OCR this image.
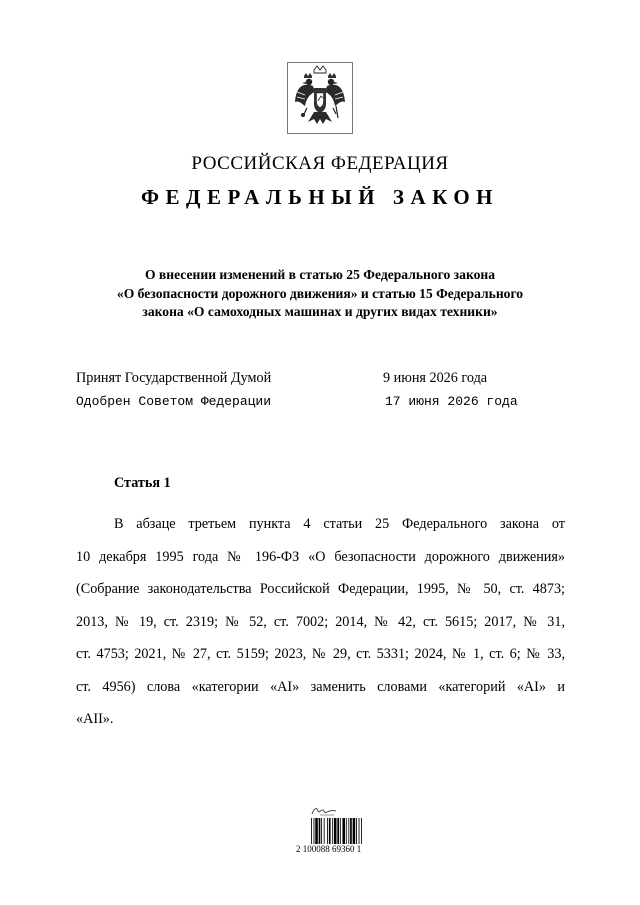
РОССИЙСКАЯ ФЕДЕРАЦИЯ
ФЕДЕРАЛЬНЫЙ ЗАКОН
О внесении изменений в статью 25 Федерального закона
«О безопасности дорожного движения» и статью 15 Федерального
закона «О самоходных машинах и других видах техники»
Принят Государственной Думой	9 июня 2026 года
Одобрен Советом Федерации	17 июня 2026 года
Статья 1
В абзаце третьем пункта 4 статьи 25 Федерального закона от
10 декабря 1995 года № 196-ФЗ «О безопасности дорожного движения»
(Собрание законодательства Российской Федерации, 1995, № 50, ст. 4873;
2013, № 19, ст. 2319; № 52, ст. 7002; 2014, № 42, ст. 5615; 2017, № 31,
ст. 4753; 2021, № 27, ст. 5159; 2023, № 29, ст. 5331; 2024, № 1, ст. 6; № 33,
ст. 4956) слова «категории «AI» заменить словами «категорий «AI» и
«AII».
2 100088 69360 1
